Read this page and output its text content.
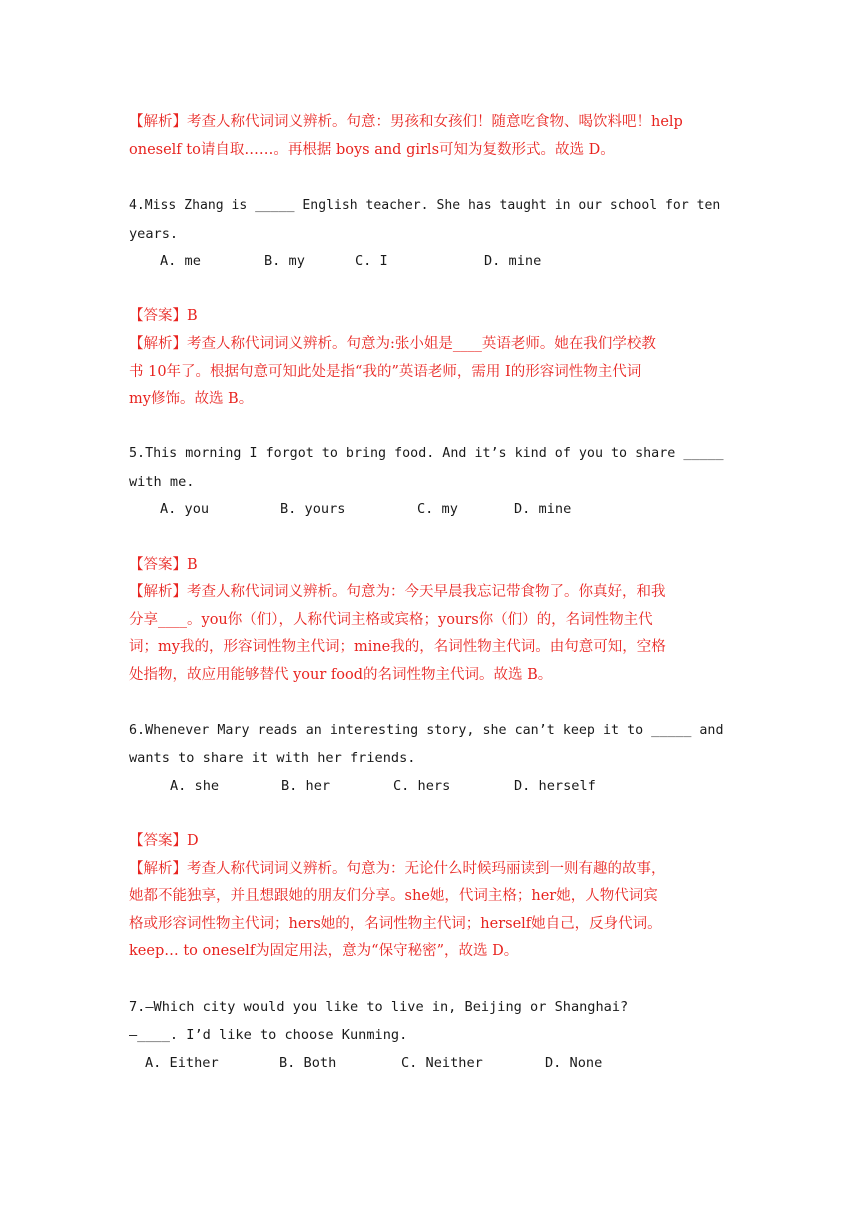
【解析】考查人称代词词义辨析。句意：男孩和女孩们！随意吃食物、喝饮料吧！help
oneself to请自取……。再根据 boys and girls可知为复数形式。故选 D。
4.Miss Zhang is _____ English teacher. She has taught in our school for ten
years.
A. me	B. my	C. I	D. mine
【答案】B
【解析】考查人称代词词义辨析。句意为:张小姐是____英语老师。她在我们学校教
书 10年了。根据句意可知此处是指“我的”英语老师，需用 I的形容词性物主代词
my修饰。故选 B。
5.This morning I forgot to bring food. And it’s kind of you to share _____
with me.
A. you	B. yours	C. my	D. mine
【答案】B
【解析】考查人称代词词义辨析。句意为：今天早晨我忘记带食物了。你真好，和我
分享____。you你（们），人称代词主格或宾格；yours你（们）的，名词性物主代
词；my我的，形容词性物主代词；mine我的，名词性物主代词。由句意可知，空格
处指物，故应用能够替代 your food的名词性物主代词。故选 B。
6.Whenever Mary reads an interesting story, she can’t keep it to _____ and
wants to share it with her friends.
A. she	B. her	C. hers	D. herself
【答案】D
【解析】考查人称代词词义辨析。句意为：无论什么时候玛丽读到一则有趣的故事，
她都不能独享，并且想跟她的朋友们分享。she她，代词主格；her她，人物代词宾
格或形容词性物主代词；hers她的，名词性物主代词；herself她自己，反身代词。
keep… to oneself为固定用法，意为“保守秘密”，故选 D。
7.—Which city would you like to live in, Beijing or Shanghai?
—____. I’d like to choose Kunming.
A. Either	B. Both	C. Neither	D. None
